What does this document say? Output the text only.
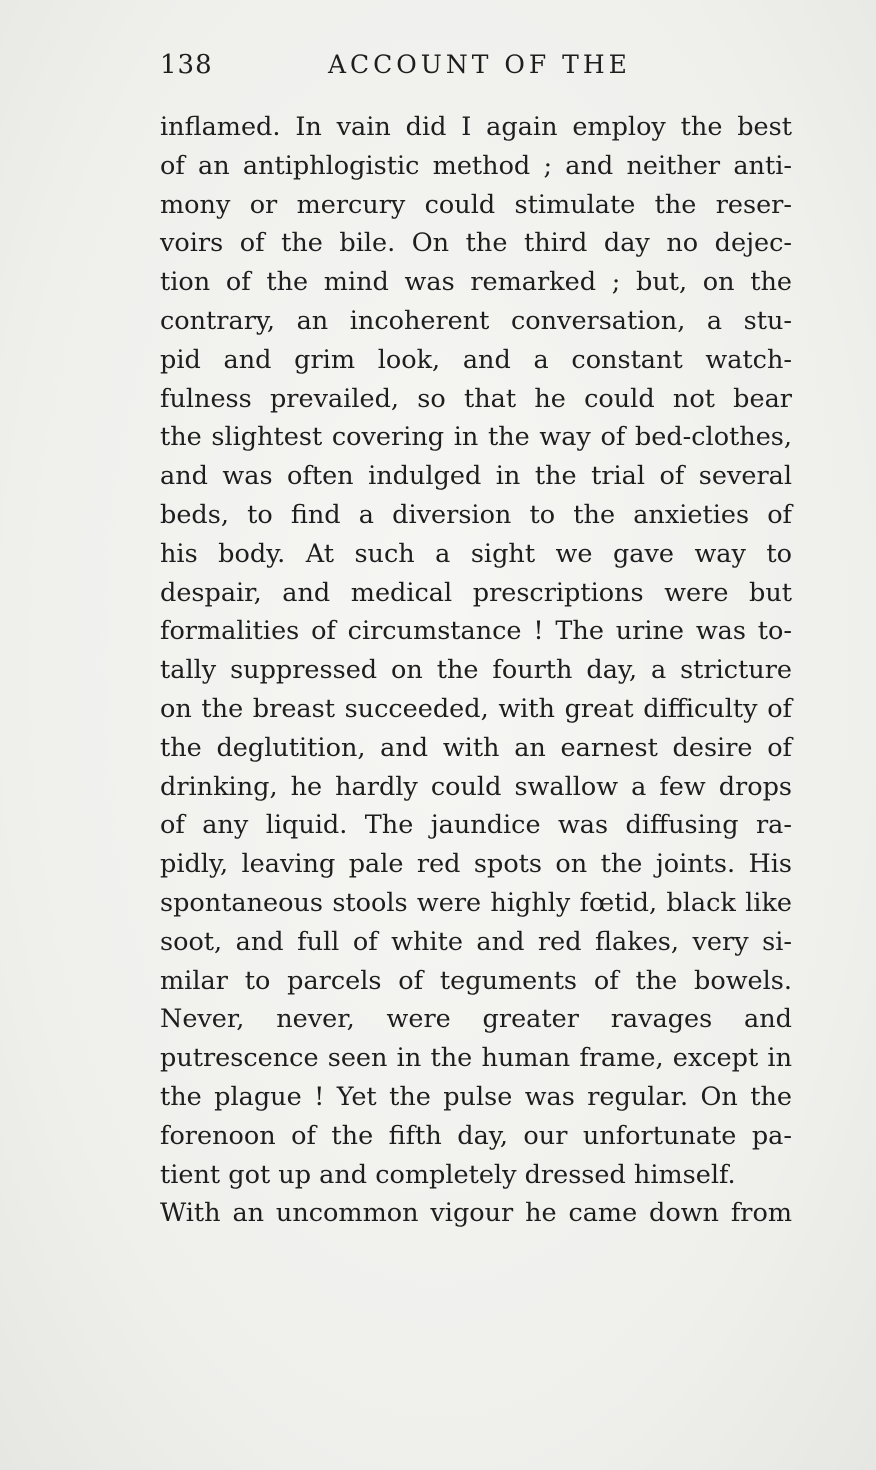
138	ACCOUNT OF THE
inflamed. In vain did I again employ the best
of an antiphlogistic method ; and neither anti-
mony or mercury could stimulate the reser-
voirs of the bile. On the third day no dejec-
tion of the mind was remarked ; but, on the
contrary, an incoherent conversation, a stu-
pid and grim look, and a constant watch-
fulness prevailed, so that he could not bear
the slightest covering in the way of bed-clothes,
and was often indulged in the trial of several
beds, to find a diversion to the anxieties of
his body. At such a sight we gave way to
despair, and medical prescriptions were but
formalities of circumstance ! The urine was to-
tally suppressed on the fourth day, a stricture
on the breast succeeded, with great difficulty of
the deglutition, and with an earnest desire of
drinking, he hardly could swallow a few drops
of any liquid. The jaundice was diffusing ra-
pidly, leaving pale red spots on the joints. His
spontaneous stools were highly fœtid, black like
soot, and full of white and red flakes, very si-
milar to parcels of teguments of the bowels.
Never, never, were greater ravages and
putrescence seen in the human frame, except in
the plague ! Yet the pulse was regular. On the
forenoon of the fifth day, our unfortunate pa-
tient got up and completely dressed himself.
With an uncommon vigour he came down from
